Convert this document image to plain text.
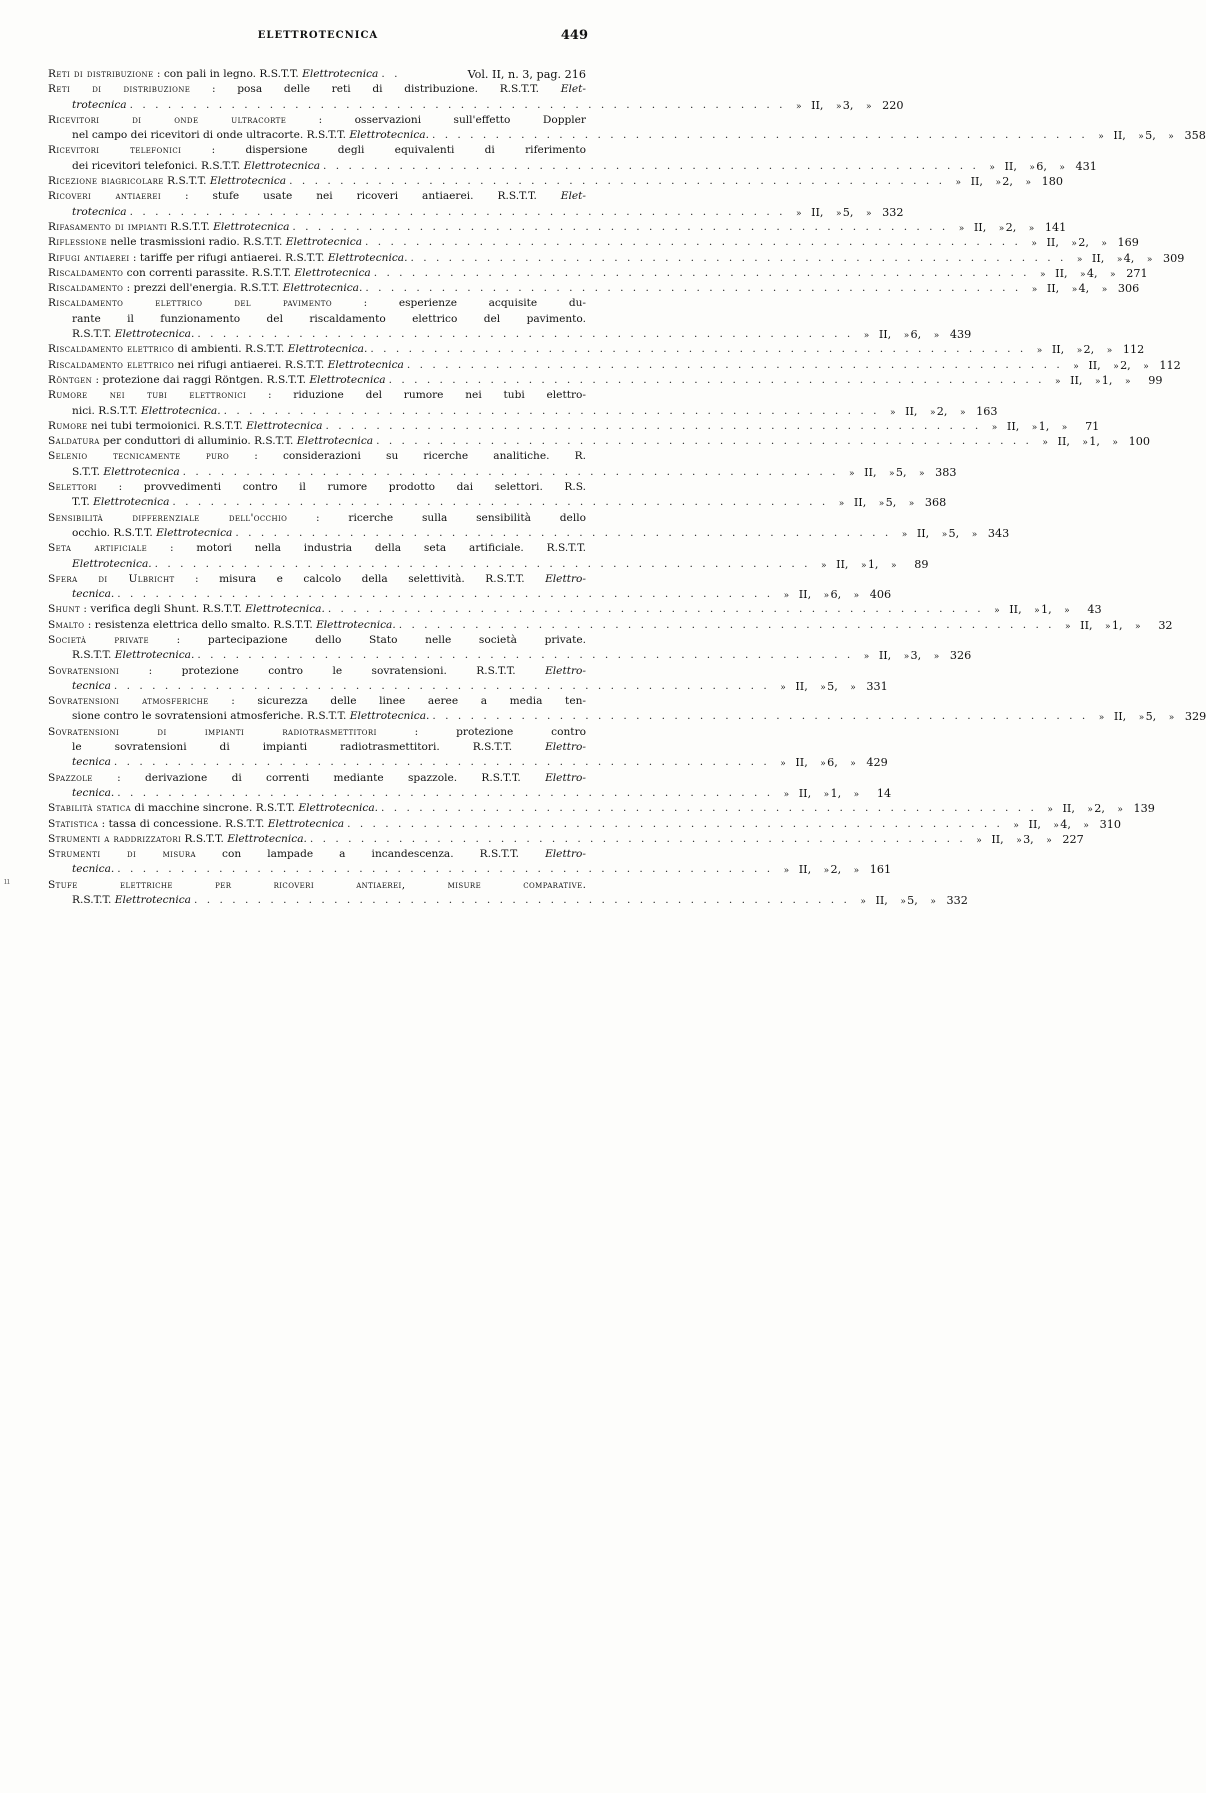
ELETTROTECNICA	449
Reti di distribuzione : con pali in legno. R.S.T.T. Elettrotecnica . .	Vol. II, n. 3, pag. 216
Reti di distribuzione : posa delle reti di distribuzione. R.S.T.T. Elet-
trotecnica . . . . . . . . . . . . . . . . . . . . . . . . . . . . . . . . . . . . . . . . . . . . . . . . . . . .	» II,	» 3,	» 220
Ricevitori di onde ultracorte : osservazioni sull'effetto Doppler
nel campo dei ricevitori di onde ultracorte. R.S.T.T. Elettrotecnica. . . . . . . . . . . . . . . . . . . . . . . . . . . . . . . . . . . . . . . . . . . . . . . . . . . . .	» II,	» 5,	» 358
Ricevitori telefonici : dispersione degli equivalenti di riferimento
dei ricevitori telefonici. R.S.T.T. Elettrotecnica . . . . . . . . . . . . . . . . . . . . . . . . . . . . . . . . . . . . . . . . . . . . . . . . . . . .	» II,	» 6,	» 431
Ricezione biagricolare R.S.T.T. Elettrotecnica . . . . . . . . . . . . . . . . . . . . . . . . . . . . . . . . . . . . . . . . . . . . . . . . . . . .	» II,	» 2,	» 180
Ricoveri antiaerei : stufe usate nei ricoveri antiaerei. R.S.T.T. Elet-
trotecnica . . . . . . . . . . . . . . . . . . . . . . . . . . . . . . . . . . . . . . . . . . . . . . . . . . . .	» II,	» 5,	» 332
Rifasamento di impianti R.S.T.T. Elettrotecnica . . . . . . . . . . . . . . . . . . . . . . . . . . . . . . . . . . . . . . . . . . . . . . . . . . . .	» II,	» 2,	» 141
Riflessione nelle trasmissioni radio. R.S.T.T. Elettrotecnica . . . . . . . . . . . . . . . . . . . . . . . . . . . . . . . . . . . . . . . . . . . . . . . . . . . .	» II,	» 2,	» 169
Rifugi antiaerei : tariffe per rifugi antiaerei. R.S.T.T. Elettrotecnica. . . . . . . . . . . . . . . . . . . . . . . . . . . . . . . . . . . . . . . . . . . . . . . . . . . . .	» II,	» 4,	» 309
Riscaldamento con correnti parassite. R.S.T.T. Elettrotecnica . . . . . . . . . . . . . . . . . . . . . . . . . . . . . . . . . . . . . . . . . . . . . . . . . . . .	» II,	» 4,	» 271
Riscaldamento : prezzi dell'energia. R.S.T.T. Elettrotecnica. . . . . . . . . . . . . . . . . . . . . . . . . . . . . . . . . . . . . . . . . . . . . . . . . . . . .	» II,	» 4,	» 306
Riscaldamento elettrico del pavimento : esperienze acquisite du-
rante il funzionamento del riscaldamento elettrico del pavimento.
R.S.T.T. Elettrotecnica. . . . . . . . . . . . . . . . . . . . . . . . . . . . . . . . . . . . . . . . . . . . . . . . . . . . .	» II,	» 6,	» 439
Riscaldamento elettrico di ambienti. R.S.T.T. Elettrotecnica. . . . . . . . . . . . . . . . . . . . . . . . . . . . . . . . . . . . . . . . . . . . . . . . . . . . .	» II,	» 2,	» 112
Riscaldamento elettrico nei rifugi antiaerei. R.S.T.T. Elettrotecnica . . . . . . . . . . . . . . . . . . . . . . . . . . . . . . . . . . . . . . . . . . . . . . . . . . . .	» II,	» 2,	» 112
Röntgen : protezione dai raggi Röntgen. R.S.T.T. Elettrotecnica . . . . . . . . . . . . . . . . . . . . . . . . . . . . . . . . . . . . . . . . . . . . . . . . . . . .	» II,	» 1,	»	99
Rumore nei tubi elettronici : riduzione del rumore nei tubi elettro-
nici. R.S.T.T. Elettrotecnica. . . . . . . . . . . . . . . . . . . . . . . . . . . . . . . . . . . . . . . . . . . . . . . . . . . . .	» II,	» 2,	» 163
Rumore nei tubi termoionici. R.S.T.T. Elettrotecnica . . . . . . . . . . . . . . . . . . . . . . . . . . . . . . . . . . . . . . . . . . . . . . . . . . . .	» II,	» 1,	»	71
Saldatura per conduttori di alluminio. R.S.T.T. Elettrotecnica . . . . . . . . . . . . . . . . . . . . . . . . . . . . . . . . . . . . . . . . . . . . . . . . . . . .	» II,	» 1,	» 100
Selenio tecnicamente puro : considerazioni su ricerche analitiche. R.
S.T.T. Elettrotecnica . . . . . . . . . . . . . . . . . . . . . . . . . . . . . . . . . . . . . . . . . . . . . . . . . . . .	» II,	» 5,	» 383
Selettori : provvedimenti contro il rumore prodotto dai selettori. R.S.
T.T. Elettrotecnica . . . . . . . . . . . . . . . . . . . . . . . . . . . . . . . . . . . . . . . . . . . . . . . . . . . .	» II,	» 5,	» 368
Sensibilità differenziale dell'occhio : ricerche sulla sensibilità dello
occhio. R.S.T.T. Elettrotecnica . . . . . . . . . . . . . . . . . . . . . . . . . . . . . . . . . . . . . . . . . . . . . . . . . . . .	» II,	» 5,	» 343
Seta artificiale : motori nella industria della seta artificiale. R.S.T.T.
Elettrotecnica. . . . . . . . . . . . . . . . . . . . . . . . . . . . . . . . . . . . . . . . . . . . . . . . . . . . .	» II,	» 1,	»	89
Sfera di Ulbricht : misura e calcolo della selettività. R.S.T.T. Elettro-
tecnica. . . . . . . . . . . . . . . . . . . . . . . . . . . . . . . . . . . . . . . . . . . . . . . . . . . . .	» II,	» 6,	» 406
Shunt : verifica degli Shunt. R.S.T.T. Elettrotecnica. . . . . . . . . . . . . . . . . . . . . . . . . . . . . . . . . . . . . . . . . . . . . . . . . . . . .	» II,	» 1,	»	43
Smalto : resistenza elettrica dello smalto. R.S.T.T. Elettrotecnica. . . . . . . . . . . . . . . . . . . . . . . . . . . . . . . . . . . . . . . . . . . . . . . . . . . . .	» II,	» 1,	»	32
Società private : partecipazione dello Stato nelle società private.
R.S.T.T. Elettrotecnica. . . . . . . . . . . . . . . . . . . . . . . . . . . . . . . . . . . . . . . . . . . . . . . . . . . . .	» II,	» 3,	» 326
Sovratensioni : protezione contro le sovratensioni. R.S.T.T. Elettro-
tecnica . . . . . . . . . . . . . . . . . . . . . . . . . . . . . . . . . . . . . . . . . . . . . . . . . . . .	» II,	» 5,	» 331
Sovratensioni atmosferiche : sicurezza delle linee aeree a media ten-
sione contro le sovratensioni atmosferiche. R.S.T.T. Elettrotecnica. . . . . . . . . . . . . . . . . . . . . . . . . . . . . . . . . . . . . . . . . . . . . . . . . . . . .	» II,	» 5,	» 329
Sovratensioni di impianti radiotrasmettitori : protezione contro
le sovratensioni di impianti radiotrasmettitori. R.S.T.T. Elettro-
tecnica . . . . . . . . . . . . . . . . . . . . . . . . . . . . . . . . . . . . . . . . . . . . . . . . . . . .	» II,	» 6,	» 429
Spazzole : derivazione di correnti mediante spazzole. R.S.T.T. Elettro-
tecnica. . . . . . . . . . . . . . . . . . . . . . . . . . . . . . . . . . . . . . . . . . . . . . . . . . . . .	» II,	» 1,	»	14
Stabilità statica di macchine sincrone. R.S.T.T. Elettrotecnica. . . . . . . . . . . . . . . . . . . . . . . . . . . . . . . . . . . . . . . . . . . . . . . . . . . . .	» II,	» 2,	» 139
Statistica : tassa di concessione. R.S.T.T. Elettrotecnica . . . . . . . . . . . . . . . . . . . . . . . . . . . . . . . . . . . . . . . . . . . . . . . . . . . .	» II,	» 4,	» 310
Strumenti a raddrizzatori R.S.T.T. Elettrotecnica. . . . . . . . . . . . . . . . . . . . . . . . . . . . . . . . . . . . . . . . . . . . . . . . . . . . .	» II,	» 3,	» 227
Strumenti di misura con lampade a incandescenza. R.S.T.T. Elettro-
tecnica. . . . . . . . . . . . . . . . . . . . . . . . . . . . . . . . . . . . . . . . . . . . . . . . . . . . .	» II,	» 2,	» 161
Stufe elettriche per ricoveri antiaerei, misure comparative.
R.S.T.T. Elettrotecnica . . . . . . . . . . . . . . . . . . . . . . . . . . . . . . . . . . . . . . . . . . . . . . . . . . . .	» II,	» 5,	» 332
ıı
